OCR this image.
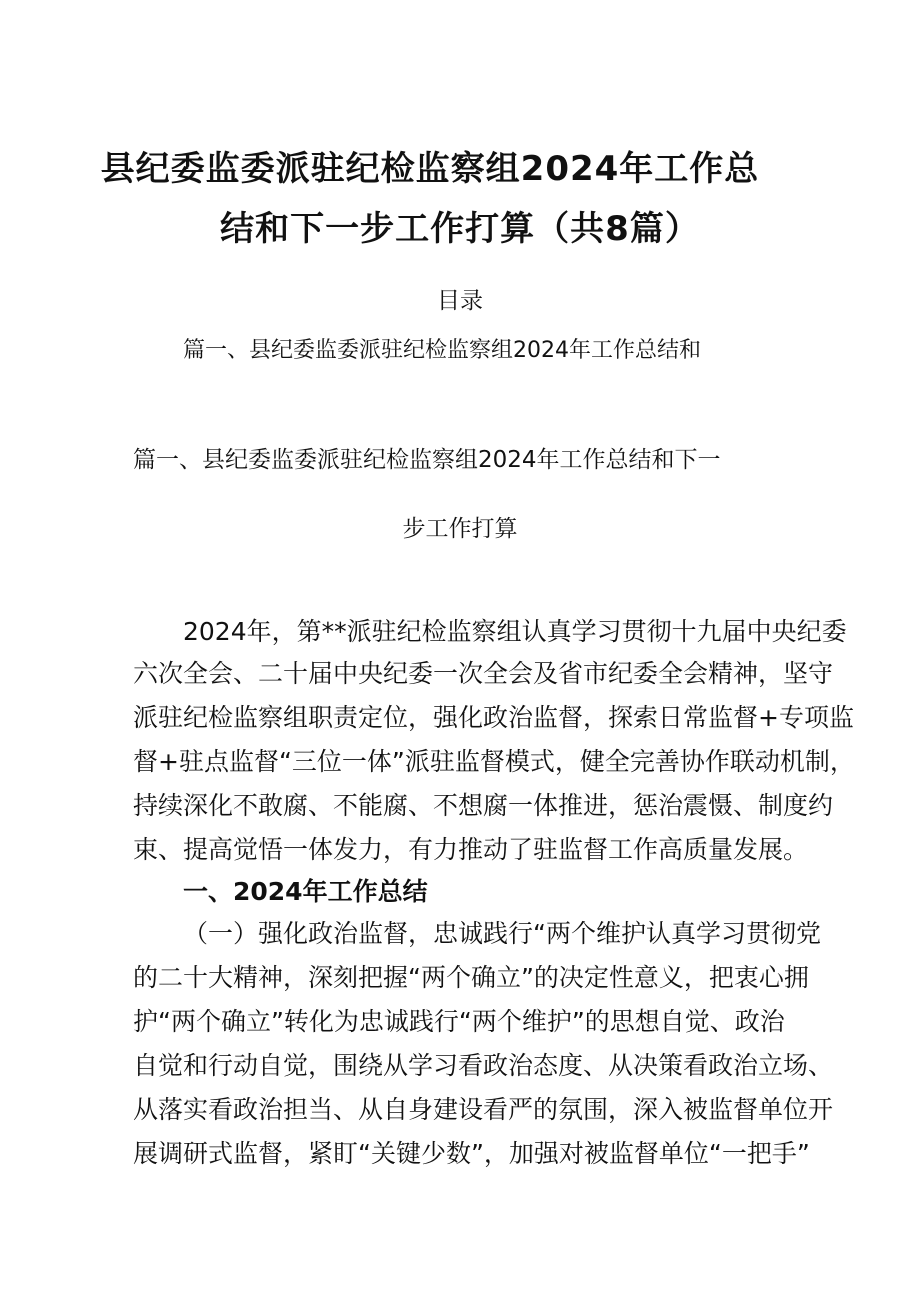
县纪委监委派驻纪检监察组2024年工作总
结和下一步工作打算（共8篇）
目录
篇一、县纪委监委派驻纪检监察组2024年工作总结和
篇一、县纪委监委派驻纪检监察组2024年工作总结和下一
步工作打算
2024年，第**派驻纪检监察组认真学习贯彻十九届中央纪委
六次全会、二十届中央纪委一次全会及省市纪委全会精神，坚守
派驻纪检监察组职责定位，强化政治监督，探索日常监督+专项监
督+驻点监督“三位一体”派驻监督模式，健全完善协作联动机制，
持续深化不敢腐、不能腐、不想腐一体推进，惩治震慑、制度约
束、提高觉悟一体发力，有力推动了驻监督工作高质量发展。
一、2024年工作总结
（一）强化政治监督，忠诚践行“两个维护认真学习贯彻党
的二十大精神，深刻把握“两个确立”的决定性意义，把衷心拥
护“两个确立”转化为忠诚践行“两个维护”的思想自觉、政治
自觉和行动自觉，围绕从学习看政治态度、从决策看政治立场、
从落实看政治担当、从自身建设看严的氛围，深入被监督单位开
展调研式监督，紧盯“关键少数”，加强对被监督单位“一把手”
